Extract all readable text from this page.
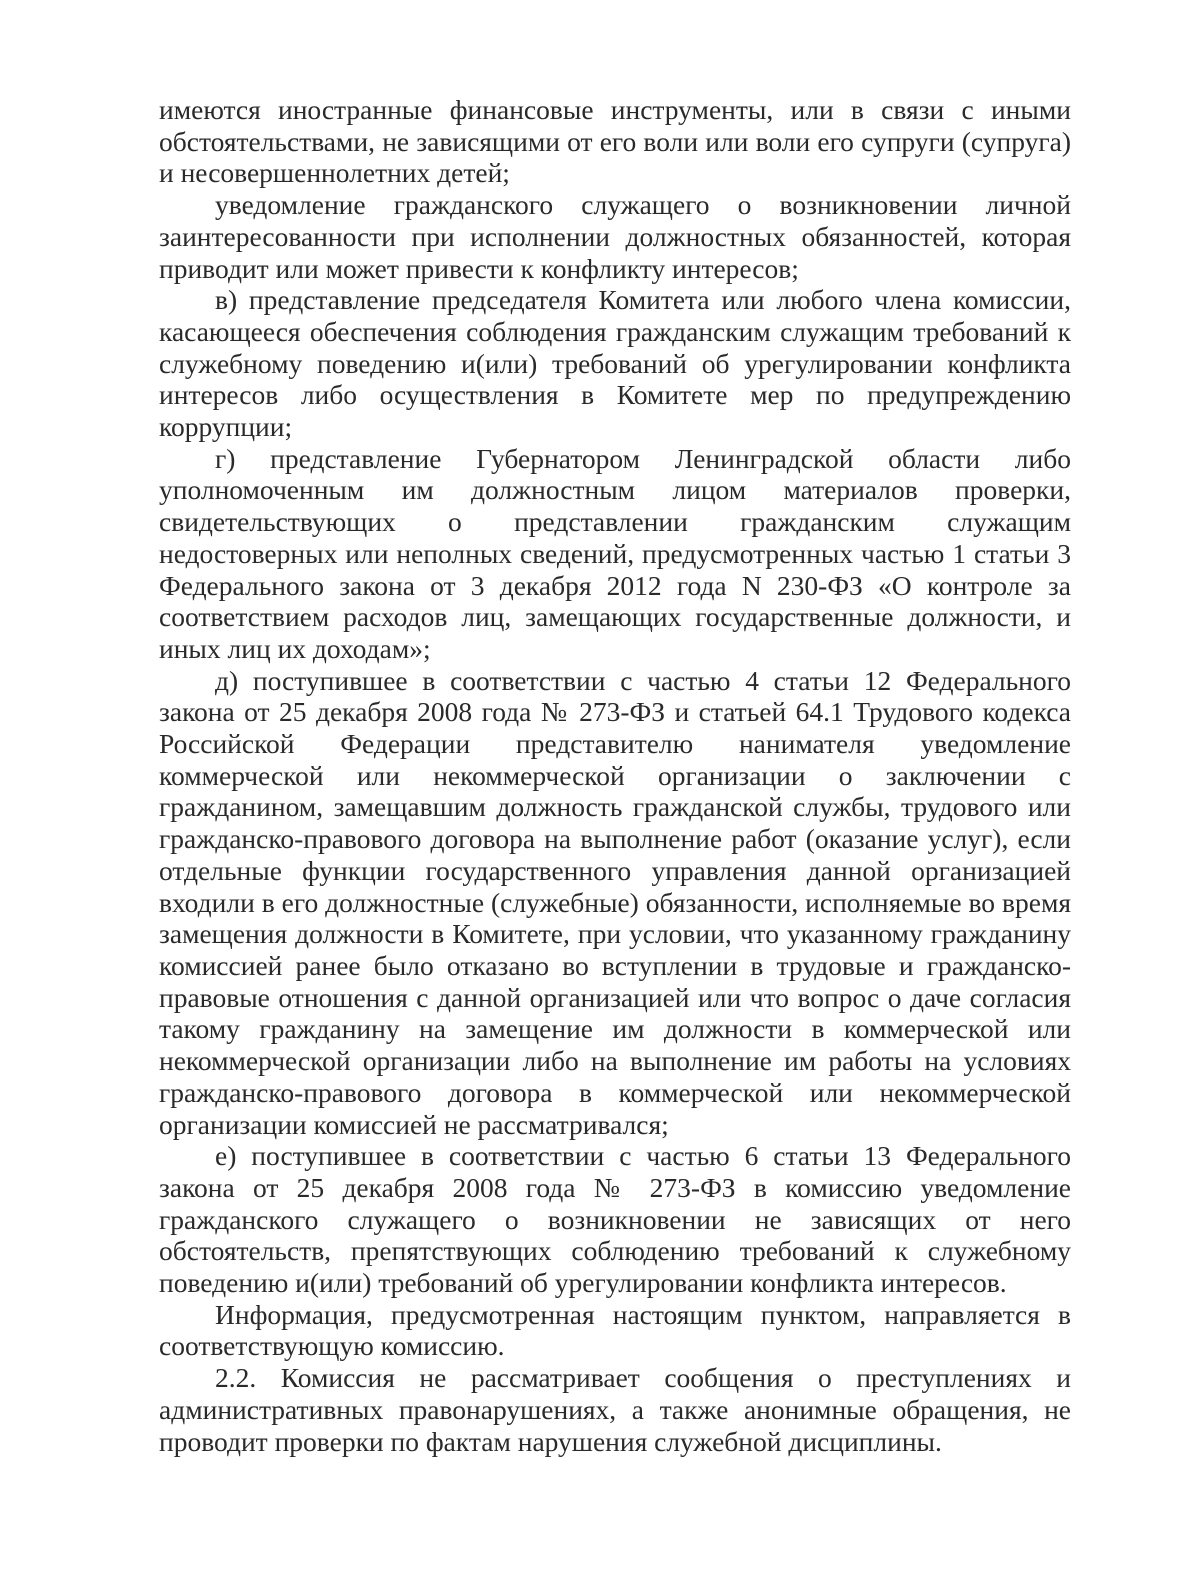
имеются иностранные финансовые инструменты, или в связи с иными обстоятельствами, не зависящими от его воли или воли его супруги (супруга) и несовершеннолетних детей;

уведомление гражданского служащего о возникновении личной заинтересованности при исполнении должностных обязанностей, которая приводит или может привести к конфликту интересов;

в) представление председателя Комитета или любого члена комиссии, касающееся обеспечения соблюдения гражданским служащим требований к служебному поведению и(или) требований об урегулировании конфликта интересов либо осуществления в Комитете мер по предупреждению коррупции;

г) представление Губернатором Ленинградской области либо уполномоченным им должностным лицом материалов проверки, свидетельствующих о представлении гражданским служащим недостоверных или неполных сведений, предусмотренных частью 1 статьи 3 Федерального закона от 3 декабря 2012 года N 230-ФЗ «О контроле за соответствием расходов лиц, замещающих государственные должности, и иных лиц их доходам»;

д) поступившее в соответствии с частью 4 статьи 12 Федерального закона от 25 декабря 2008 года № 273-ФЗ и статьей 64.1 Трудового кодекса Российской Федерации представителю нанимателя уведомление коммерческой или некоммерческой организации о заключении с гражданином, замещавшим должность гражданской службы, трудового или гражданско-правового договора на выполнение работ (оказание услуг), если отдельные функции государственного управления данной организацией входили в его должностные (служебные) обязанности, исполняемые во время замещения должности в Комитете, при условии, что указанному гражданину комиссией ранее было отказано во вступлении в трудовые и гражданско-правовые отношения с данной организацией или что вопрос о даче согласия такому гражданину на замещение им должности в коммерческой или некоммерческой организации либо на выполнение им работы на условиях гражданско-правового договора в коммерческой или некоммерческой организации комиссией не рассматривался;

е) поступившее в соответствии с частью 6 статьи 13 Федерального закона от 25 декабря 2008 года № 273-ФЗ в комиссию уведомление гражданского служащего о возникновении не зависящих от него обстоятельств, препятствующих соблюдению требований к служебному поведению и(или) требований об урегулировании конфликта интересов.

Информация, предусмотренная настоящим пунктом, направляется в соответствующую комиссию.

2.2. Комиссия не рассматривает сообщения о преступлениях и административных правонарушениях, а также анонимные обращения, не проводит проверки по фактам нарушения служебной дисциплины.
